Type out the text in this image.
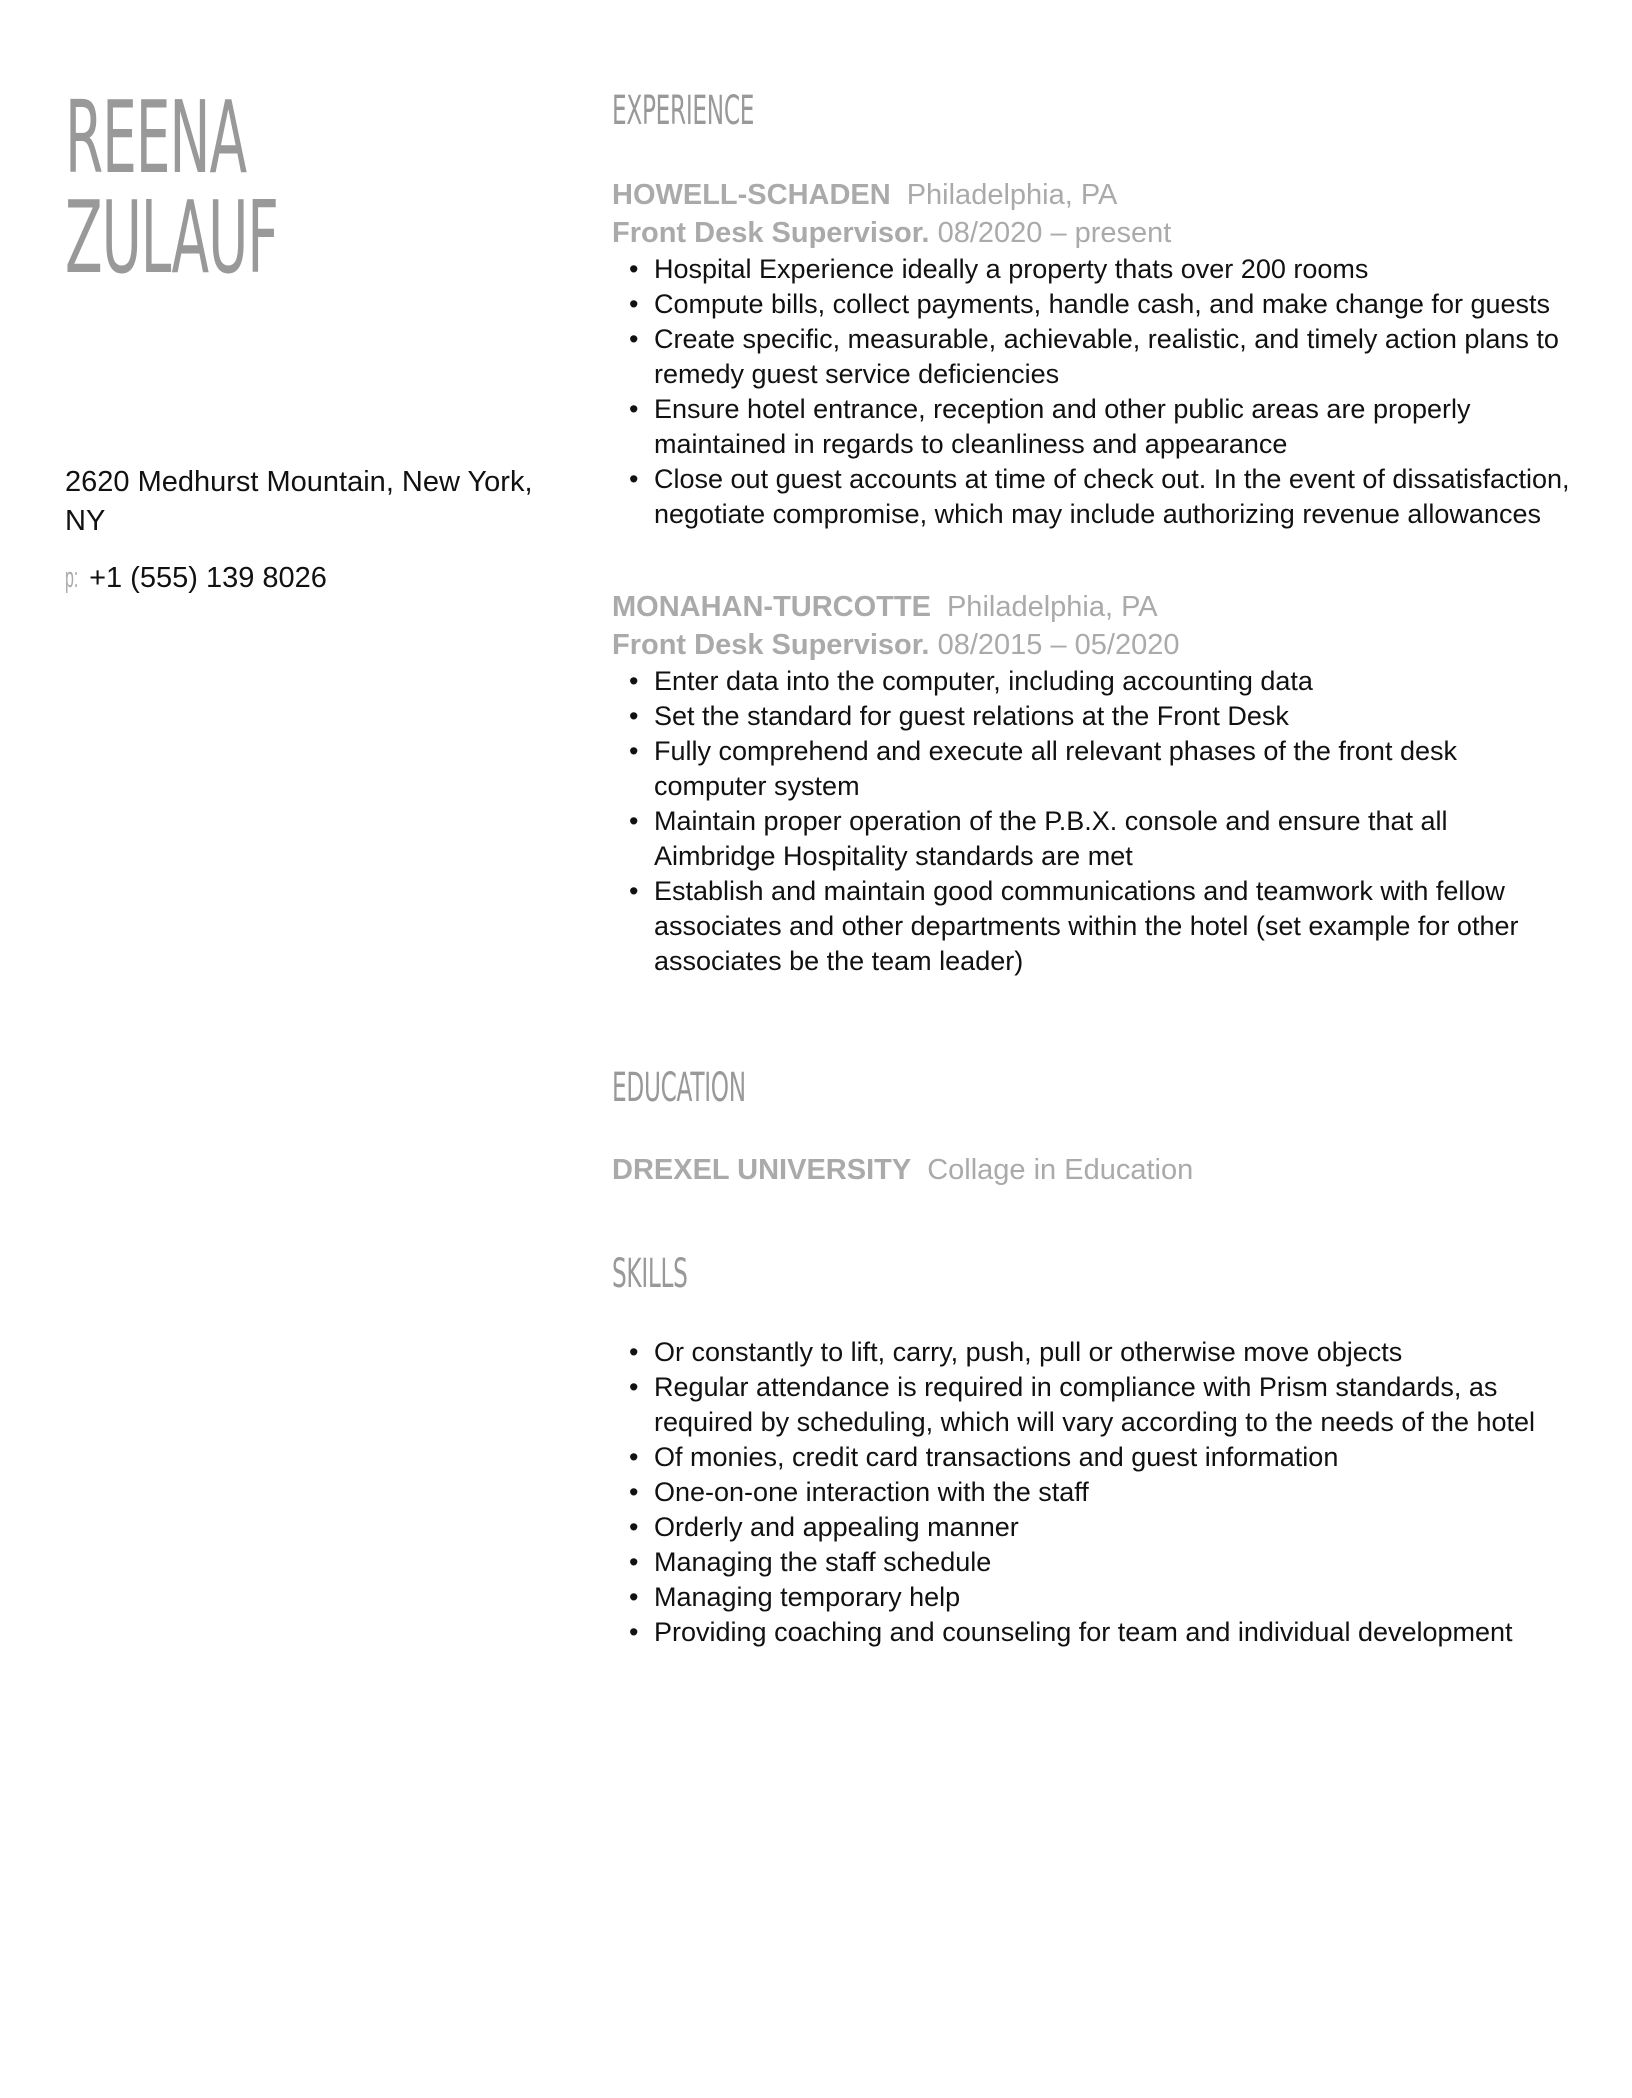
REENA
ZULAUF

2620 Medhurst Mountain, New York, NY

p: +1 (555) 139 8026
EXPERIENCE
HOWELL-SCHADEN Philadelphia, PA
Front Desk Supervisor. 08/2020 – present
• Hospital Experience ideally a property thats over 200 rooms
• Compute bills, collect payments, handle cash, and make change for guests
• Create specific, measurable, achievable, realistic, and timely action plans to remedy guest service deficiencies
• Ensure hotel entrance, reception and other public areas are properly maintained in regards to cleanliness and appearance
• Close out guest accounts at time of check out. In the event of dissatisfaction, negotiate compromise, which may include authorizing revenue allowances
MONAHAN-TURCOTTE Philadelphia, PA
Front Desk Supervisor. 08/2015 – 05/2020
• Enter data into the computer, including accounting data
• Set the standard for guest relations at the Front Desk
• Fully comprehend and execute all relevant phases of the front desk computer system
• Maintain proper operation of the P.B.X. console and ensure that all Aimbridge Hospitality standards are met
• Establish and maintain good communications and teamwork with fellow associates and other departments within the hotel (set example for other associates be the team leader)
EDUCATION
DREXEL UNIVERSITY Collage in Education
SKILLS
• Or constantly to lift, carry, push, pull or otherwise move objects
• Regular attendance is required in compliance with Prism standards, as required by scheduling, which will vary according to the needs of the hotel
• Of monies, credit card transactions and guest information
• One-on-one interaction with the staff
• Orderly and appealing manner
• Managing the staff schedule
• Managing temporary help
• Providing coaching and counseling for team and individual development
